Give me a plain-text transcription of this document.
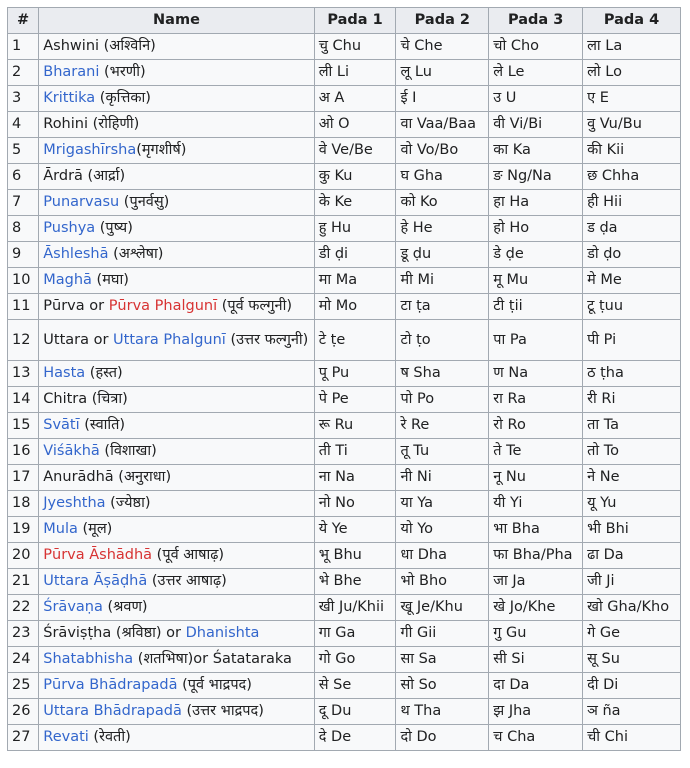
#	Name	Pada 1	Pada 2	Pada 3	Pada 4
1	Ashwini (अश्विनि)	चु Chu	चे Che	चो Cho	ला La
2	Bharani (भरणी)	ली Li	लू Lu	ले Le	लो Lo
3	Krittika (कृत्तिका)	अ A	ई I	उ U	ए E
4	Rohini (रोहिणी)	ओ O	वा Vaa/Baa	वी Vi/Bi	वु Vu/Bu
5	Mrigashīrsha(मृगशीर्ष)	वे Ve/Be	वो Vo/Bo	का Ka	की Kii
6	Ārdrā (आर्द्रा)	कु Ku	घ Gha	ङ Ng/Na	छ Chha
7	Punarvasu (पुनर्वसु)	के Ke	को Ko	हा Ha	ही Hii
8	Pushya (पुष्य)	हु Hu	हे He	हो Ho	ड ḍa
9	Āshleshā (अश्लेषा)	डी ḍi	डू ḍu	डे ḍe	डो ḍo
10	Maghā (मघा)	मा Ma	मी Mi	मू Mu	मे Me
11	Pūrva or Pūrva Phalgunī (पूर्व फल्गुनी)	मो Mo	टा ṭa	टी ṭii	टू ṭuu
12	Uttara or Uttara Phalgunī (उत्तर फल्गुनी)	टे ṭe	टो ṭo	पा Pa	पी Pi
13	Hasta (हस्त)	पू Pu	ष Sha	ण Na	ठ ṭha
14	Chitra (चित्रा)	पे Pe	पो Po	रा Ra	री Ri
15	Svātī (स्वाति)	रू Ru	रे Re	रो Ro	ता Ta
16	Viśākhā (विशाखा)	ती Ti	तू Tu	ते Te	तो To
17	Anurādhā (अनुराधा)	ना Na	नी Ni	नू Nu	ने Ne
18	Jyeshtha (ज्येष्ठा)	नो No	या Ya	यी Yi	यू Yu
19	Mula (मूल)	ये Ye	यो Yo	भा Bha	भी Bhi
20	Pūrva Āshādhā (पूर्व आषाढ़)	भू Bhu	धा Dha	फा Bha/Pha	ढा Da
21	Uttara Āṣāḍhā (उत्तर आषाढ़)	भे Bhe	भो Bho	जा Ja	जी Ji
22	Śrāvaṇa (श्रवण)	खी Ju/Khii	खू Je/Khu	खे Jo/Khe	खो Gha/Kho
23	Śrāviṣṭha (श्रविष्ठा) or Dhanishta	गा Ga	गी Gii	गु Gu	गे Ge
24	Shatabhisha (शतभिषा)or Śatataraka	गो Go	सा Sa	सी Si	सू Su
25	Pūrva Bhādrapadā (पूर्व भाद्रपद)	से Se	सो So	दा Da	दी Di
26	Uttara Bhādrapadā (उत्तर भाद्रपद)	दू Du	थ Tha	झ Jha	ञ ña
27	Revati (रेवती)	दे De	दो Do	च Cha	ची Chi
